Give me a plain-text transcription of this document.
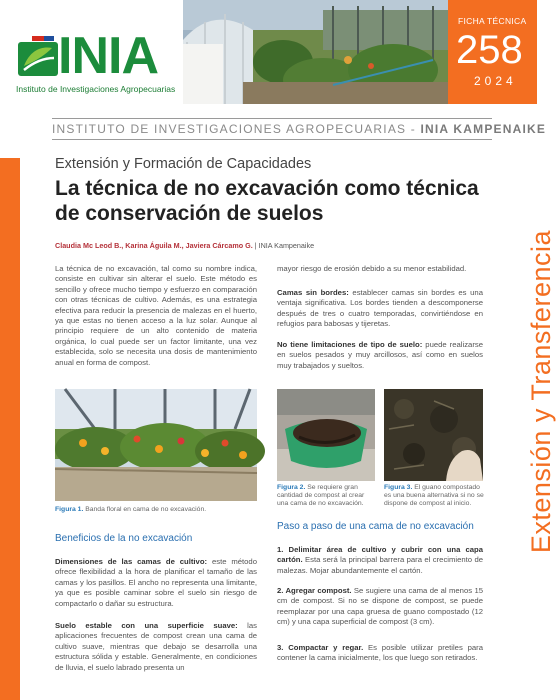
INIA
Instituto de Investigaciones Agropecuarias
FICHA TÉCNICA
258
2024
INSTITUTO DE INVESTIGACIONES AGROPECUARIAS - INIA KAMPENAIKE
Extensión y Transferencia
Extensión y Formación de Capacidades
La técnica de no excavación como técnica de conservación de suelos
Claudia Mc Leod B., Karina Águila M., Javiera Cárcamo G. | INIA Kampenaike

La técnica de no excavación, tal como su nombre indica, consiste en cultivar sin alterar el suelo. Este método es sencillo y ofrece mucho tiempo y esfuerzo en comparación con otras técnicas de cultivo. Además, es una estrategia efectiva para reducir la presencia de malezas en el huerto, ya que estas no tienen acceso a la luz solar. Aunque al principio requiere de un alto contenido de materia orgánica, lo cual puede ser un factor limitante, una vez establecida, solo se necesita una dosis de mantenimiento anual en forma de compost.

mayor riesgo de erosión debido a su menor estabilidad.

Camas sin bordes: establecer camas sin bordes es una ventaja significativa. Los bordes tienden a descomponerse después de tres o cuatro temporadas, convirtiéndose en refugios para babosas y tijeretas.

No tiene limitaciones de tipo de suelo: puede realizarse en suelos pesados y muy arcillosos, así como en suelos muy trabajados y sueltos.

Figura 1. Banda floral en cama de no excavación.
Figura 2. Se requiere gran cantidad de compost al crear una cama de no excavación.
Figura 3. El guano compostado es una buena alternativa si no se dispone de compost al inicio.
Beneficios de la no excavación

Dimensiones de las camas de cultivo: este método ofrece flexibilidad a la hora de planificar el tamaño de las camas y los pasillos. El ancho no representa una limitante, ya que es posible caminar sobre el suelo sin riesgo de compactarlo o dañar su estructura.

Suelo estable con una superficie suave: las aplicaciones frecuentes de compost crean una cama de cultivo suave, mientras que debajo se desarrolla una estructura sólida y estable. Generalmente, en condiciones de lluvia, el suelo labrado presenta un

Paso a paso de una cama de no excavación

1. Delimitar área de cultivo y cubrir con una capa cartón. Esta será la principal barrera para el crecimiento de malezas. Mojar abundantemente el cartón.

2. Agregar compost. Se sugiere una cama de al menos 15 cm de compost. Si no se dispone de compost, se puede reemplazar por una capa gruesa de guano compostado (12 cm) y una capa superficial de compost (3 cm).

3. Compactar y regar. Es posible utilizar pretiles para contener la cama inicialmente, los que luego son retirados.
